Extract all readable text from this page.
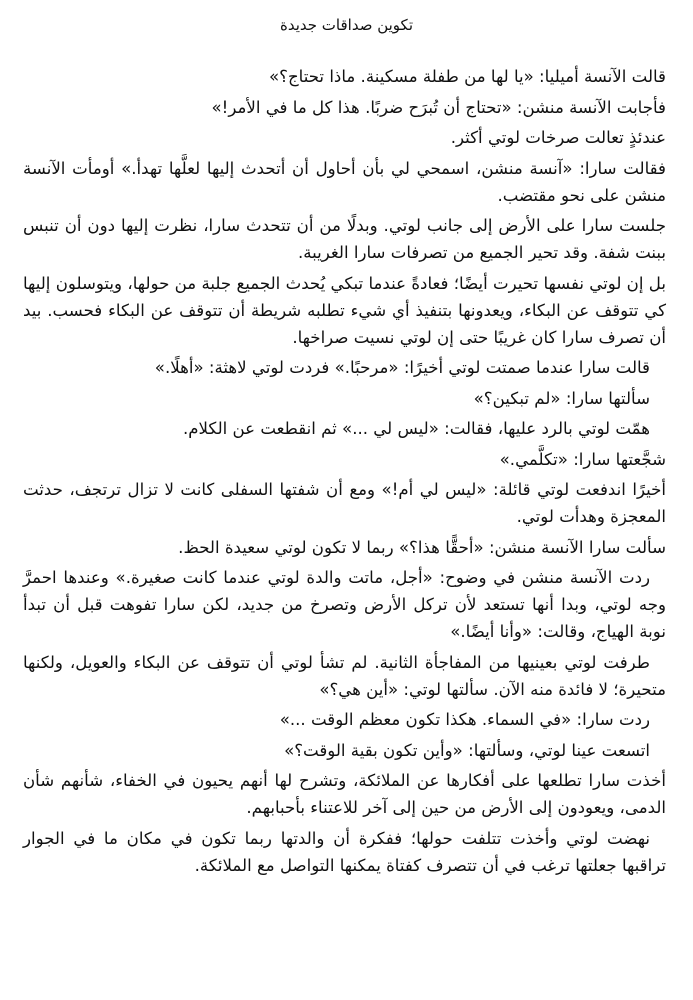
تكوين صداقات جديدة

قالت الآنسة أميليا: «يا لها من طفلة مسكينة. ماذا تحتاج؟»

فأجابت الآنسة منشن: «تحتاج أن تُبرَح ضربًا. هذا كل ما في الأمر!»

عندئذٍ تعالت صرخات لوتي أكثر.

فقالت سارا: «آنسة منشن، اسمحي لي بأن أحاول أن أتحدث إليها لعلَّها تهدأ.» أومأت الآنسة منشن على نحو مقتضب.

جلست سارا على الأرض إلى جانب لوتي. وبدلًا من أن تتحدث سارا، نظرت إليها دون أن تنبس ببنت شفة. وقد تحير الجميع من تصرفات سارا الغريبة.

بل إن لوتي نفسها تحيرت أيضًا؛ فعادةً عندما تبكي يُحدث الجميع جلبة من حولها، ويتوسلون إليها كي تتوقف عن البكاء، ويعدونها بتنفيذ أي شيء تطلبه شريطة أن تتوقف عن البكاء فحسب. بيد أن تصرف سارا كان غريبًا حتى إن لوتي نسيت صراخها.

قالت سارا عندما صمتت لوتي أخيرًا: «مرحبًا.» فردت لوتي لاهثة: «أهلًا.»

سألتها سارا: «لم تبكين؟»

همّت لوتي بالرد عليها، فقالت: «ليس لي ...» ثم انقطعت عن الكلام.

شجَّعتها سارا: «تكلَّمي.»

أخيرًا اندفعت لوتي قائلة: «ليس لي أم!» ومع أن شفتها السفلى كانت لا تزال ترتجف، حدثت المعجزة وهدأت لوتي.

سألت سارا الآنسة منشن: «أحقًّا هذا؟» ربما لا تكون لوتي سعيدة الحظ.

ردت الآنسة منشن في وضوح: «أجل، ماتت والدة لوتي عندما كانت صغيرة.» وعندها احمرَّ وجه لوتي، وبدا أنها تستعد لأن تركل الأرض وتصرخ من جديد، لكن سارا تفوهت قبل أن تبدأ نوبة الهياج، وقالت: «وأنا أيضًا.»

طرفت لوتي بعينيها من المفاجأة الثانية. لم تشأ لوتي أن تتوقف عن البكاء والعويل، ولكنها متحيرة؛ لا فائدة منه الآن. سألتها لوتي: «أين هي؟»

ردت سارا: «في السماء. هكذا تكون معظم الوقت ...»

اتسعت عينا لوتي، وسألتها: «وأين تكون بقية الوقت؟»

أخذت سارا تطلعها على أفكارها عن الملائكة، وتشرح لها أنهم يحيون في الخفاء، شأنهم شأن الدمى، ويعودون إلى الأرض من حين إلى آخر للاعتناء بأحبابهم.

نهضت لوتي وأخذت تتلفت حولها؛ ففكرة أن والدتها ربما تكون في مكان ما في الجوار تراقبها جعلتها ترغب في أن تتصرف كفتاة يمكنها التواصل مع الملائكة.
